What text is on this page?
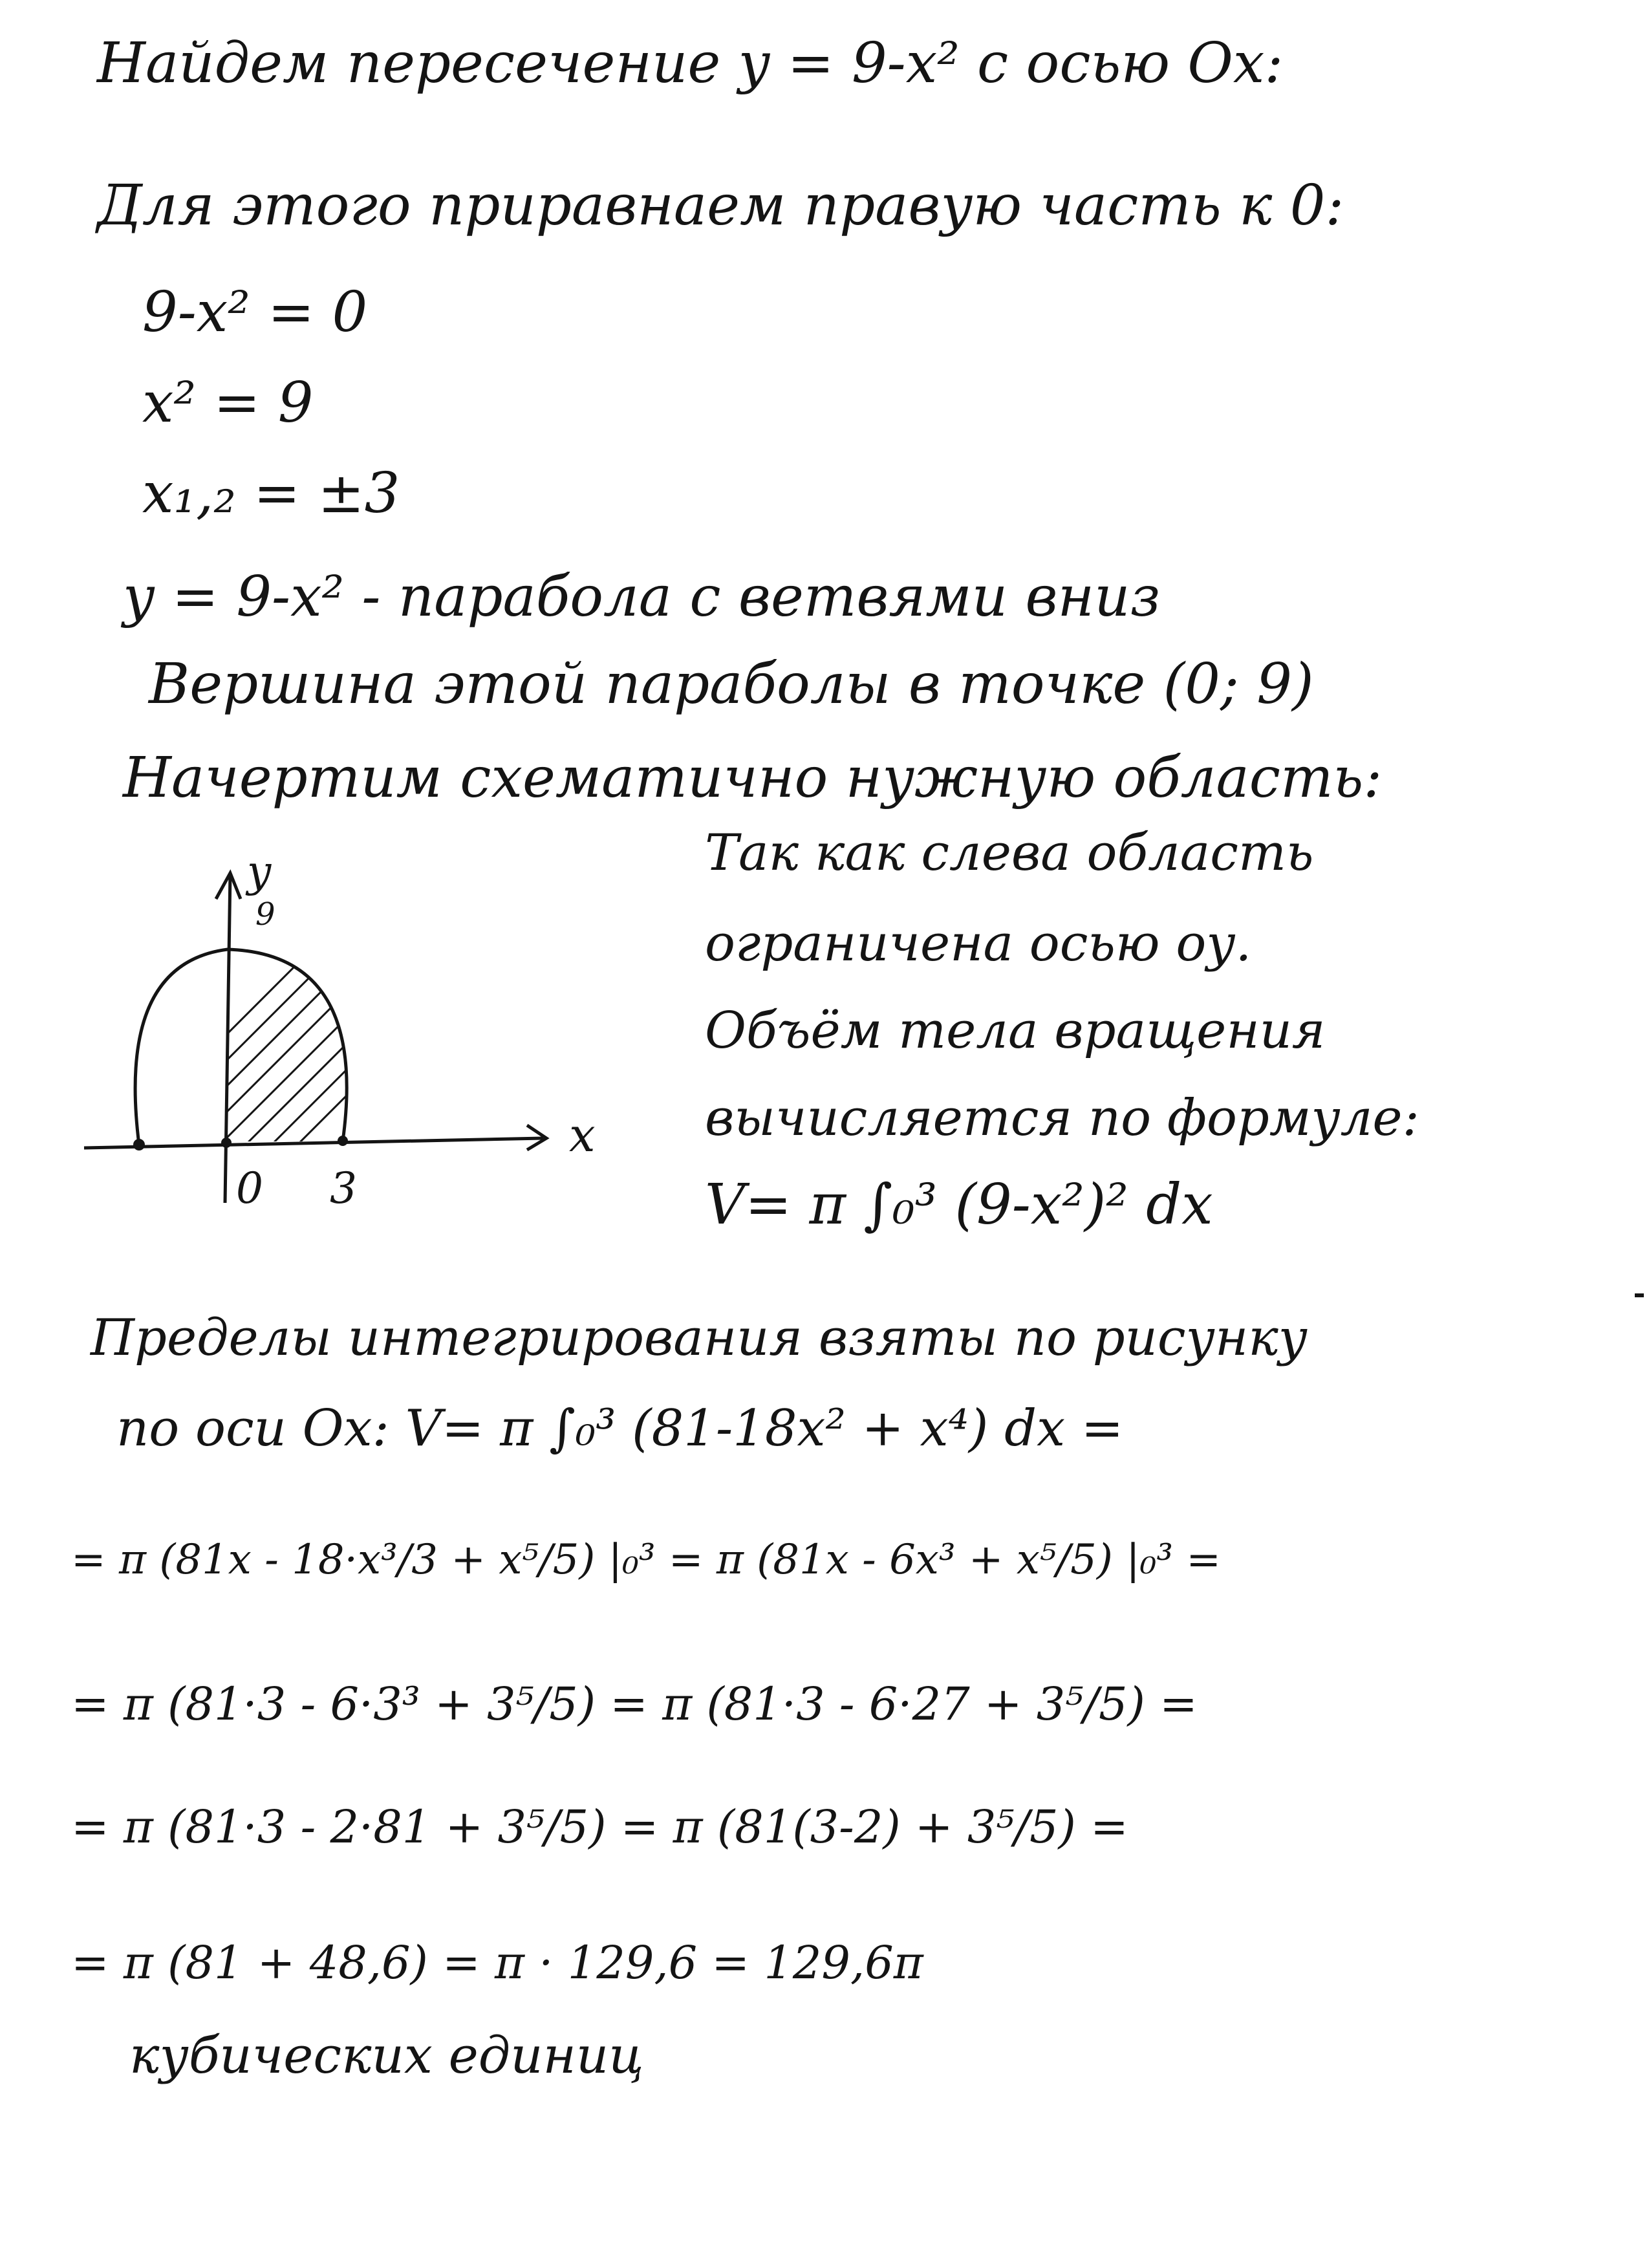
Найдем пересечение y = 9-x² с осью Ox:
Для этого приравнаем правую часть к 0:
9-x² = 0
x² = 9
x₁,₂ = ±3
y = 9-x² - парабола с ветвями вниз
Вершина этой параболы в точке (0; 9)
Начертим схематично нужную область:
y
9
x
0 3
Так как слева область
ограничена осью оу.
Объём тела вращения
вычисляется по формуле:
V= π ∫₀³ (9-x²)² dx
Пределы интегрирования взяты по рисунку
по оси Ox: V= π ∫₀³ (81-18x² + x⁴) dx =
= π (81x - 18·x³/3 + x⁵/5) |₀³ = π (81x - 6x³ + x⁵/5) |₀³ =
= π (81·3 - 6·3³ + 3⁵/5) = π (81·3 - 6·27 + 3⁵/5) =
= π (81·3 - 2·81 + 3⁵/5) = π (81(3-2) + 3⁵/5) =
= π (81 + 48,6) = π · 129,6 = 129,6π
кубических единиц
